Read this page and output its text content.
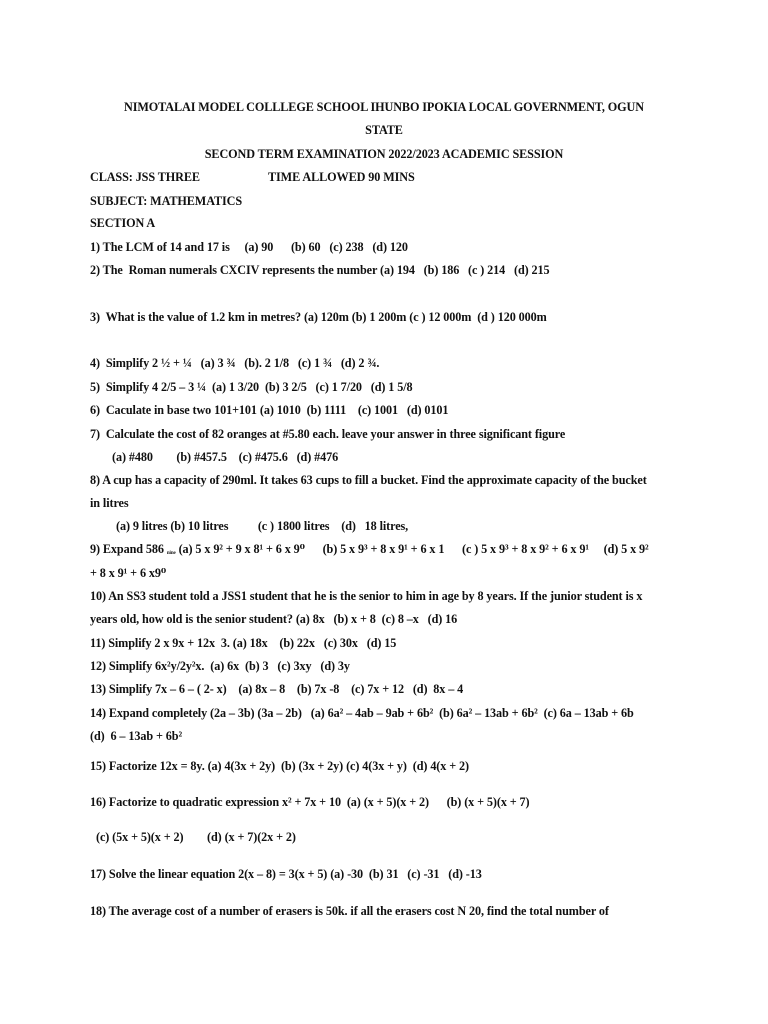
NIMOTALAI MODEL COLLLEGE SCHOOL IHUNBO IPOKIA LOCAL GOVERNMENT, OGUN
STATE
SECOND TERM EXAMINATION 2022/2023 ACADEMIC SESSION
CLASS: JSS THREE	TIME ALLOWED 90 MINS
SUBJECT: MATHEMATICS
SECTION A
1) The LCM of 14 and 17 is     (a) 90      (b) 60   (c) 238   (d) 120
2) The  Roman numerals CXCIV represents the number (a) 194   (b) 186   (c ) 214   (d) 215
3)  What is the value of 1.2 km in metres? (a) 120m (b) 1 200m (c ) 12 000m  (d ) 120 000m
4)  Simplify 2 ½ + ¼   (a) 3 ¾   (b). 2 1/8   (c) 1 ¾   (d) 2 ¾.
5)  Simplify 4 2/5 – 3 ¼  (a) 1 3/20  (b) 3 2/5   (c) 1 7/20   (d) 1 5/8
6)  Caculate in base two 101+101 (a) 1010  (b) 1111    (c) 1001   (d) 0101
7)  Calculate the cost of 82 oranges at #5.80 each. leave your answer in three significant figure
(a) #480        (b) #457.5    (c) #475.6   (d) #476
8) A cup has a capacity of 290ml. It takes 63 cups to fill a bucket. Find the approximate capacity of the bucket
in litres
(a) 9 litres (b) 10 litres          (c ) 1800 litres    (d)   18 litres,
9) Expand 586 $_{nine}$ (a) 5 x 9² + 9 x 8¹ + 6 x 9⁰      (b) 5 x 9³ + 8 x 9¹ + 6 x 1      (c ) 5 x 9³ + 8 x 9² + 6 x 9¹     (d) 5 x 9²
+ 8 x 9¹ + 6 x9⁰
10) An SS3 student told a JSS1 student that he is the senior to him in age by 8 years. If the junior student is x
years old, how old is the senior student? (a) 8x   (b) x + 8  (c) 8 –x   (d) 16
11) Simplify 2 x 9x + 12x  3. (a) 18x    (b) 22x   (c) 30x   (d) 15
12) Simplify 6x²y/2y²x.  (a) 6x  (b) 3   (c) 3xy   (d) 3y
13) Simplify 7x – 6 – ( 2- x)    (a) 8x – 8    (b) 7x -8    (c) 7x + 12   (d)  8x – 4
14) Expand completely (2a – 3b) (3a – 2b)   (a) 6a² – 4ab – 9ab + 6b²  (b) 6a² – 13ab + 6b²  (c) 6a – 13ab + 6b
(d)  6 – 13ab + 6b²
15) Factorize 12x = 8y. (a) 4(3x + 2y)  (b) (3x + 2y) (c) 4(3x + y)  (d) 4(x + 2)
16) Factorize to quadratic expression x² + 7x + 10  (a) (x + 5)(x + 2)      (b) (x + 5)(x + 7)
(c) (5x + 5)(x + 2)        (d) (x + 7)(2x + 2)
17) Solve the linear equation 2(x – 8) = 3(x + 5) (a) -30  (b) 31   (c) -31   (d) -13
18) The average cost of a number of erasers is 50k. if all the erasers cost N 20, find the total number of
